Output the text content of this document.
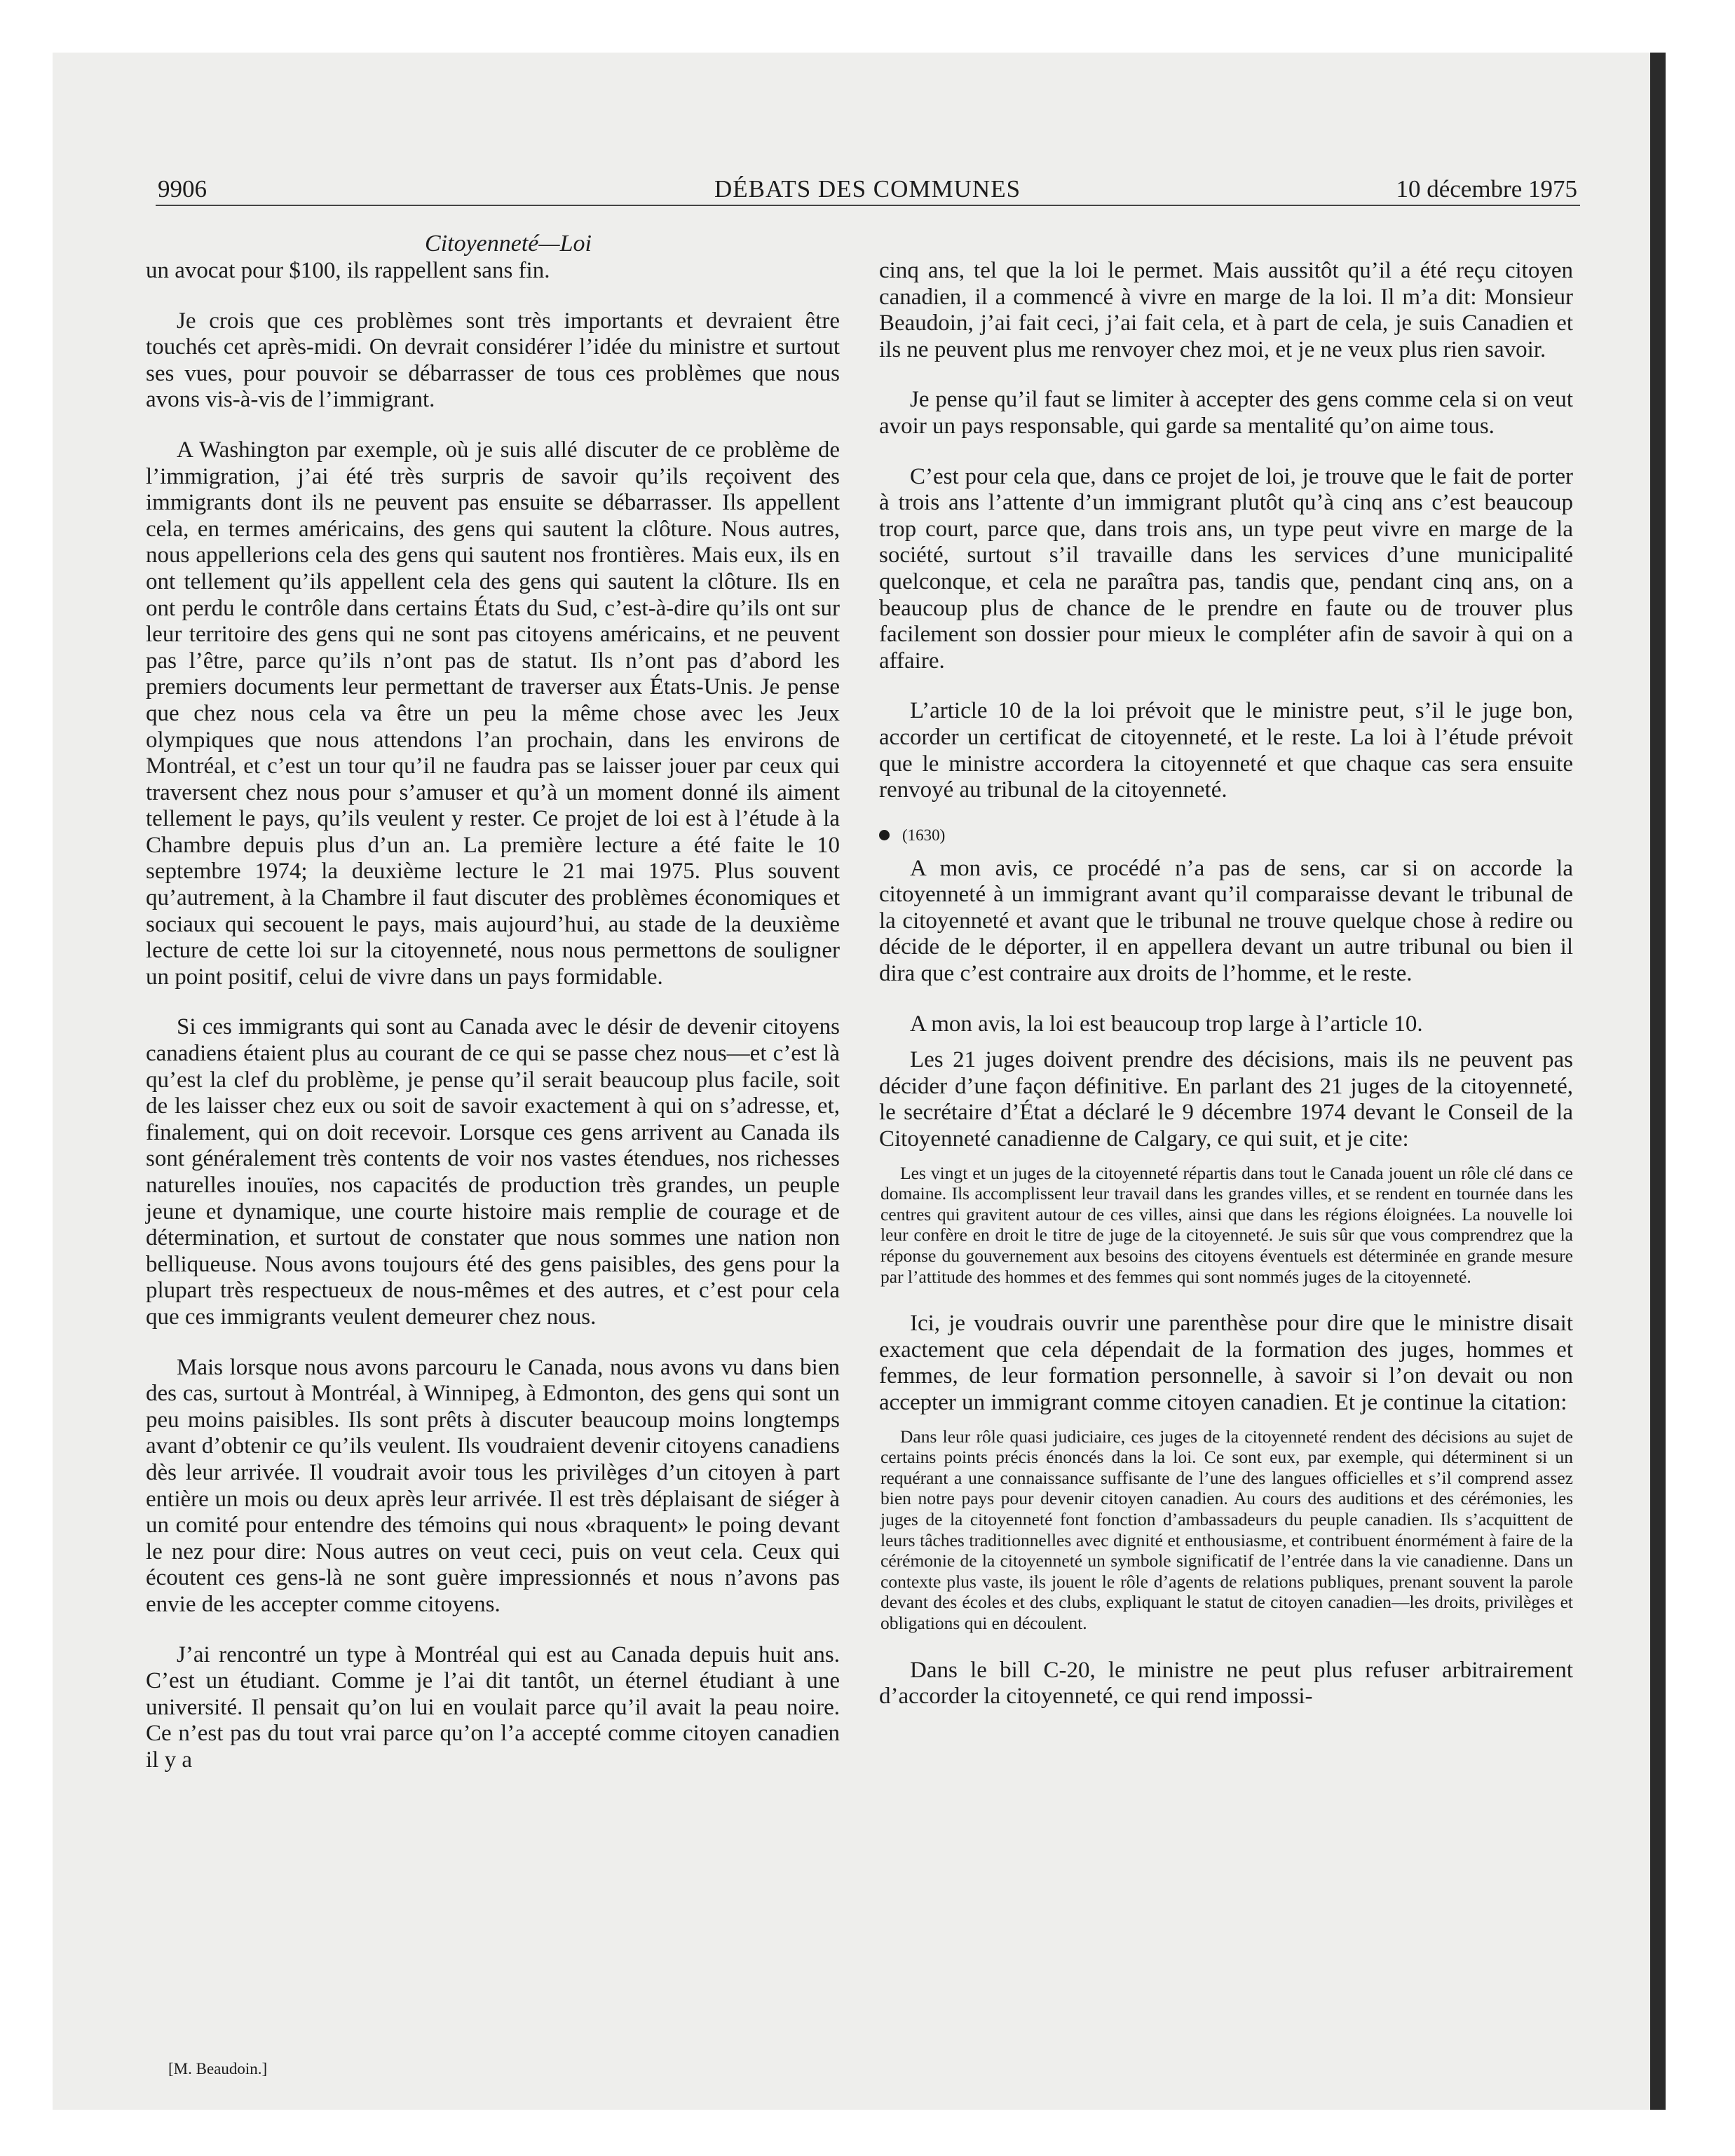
9906	DÉBATS DES COMMUNES	10 décembre 1975
Citoyenneté—Loi

un avocat pour $100, ils rappellent sans fin.

Je crois que ces problèmes sont très importants et devraient être touchés cet après-midi. On devrait considérer l’idée du ministre et surtout ses vues, pour pouvoir se débarrasser de tous ces problèmes que nous avons vis-à-vis de l’immigrant.

A Washington par exemple, où je suis allé discuter de ce problème de l’immigration, j’ai été très surpris de savoir qu’ils reçoivent des immigrants dont ils ne peuvent pas ensuite se débarrasser. Ils appellent cela, en termes américains, des gens qui sautent la clôture. Nous autres, nous appellerions cela des gens qui sautent nos frontières. Mais eux, ils en ont tellement qu’ils appellent cela des gens qui sautent la clôture. Ils en ont perdu le contrôle dans certains États du Sud, c’est-à-dire qu’ils ont sur leur territoire des gens qui ne sont pas citoyens américains, et ne peuvent pas l’être, parce qu’ils n’ont pas de statut. Ils n’ont pas d’abord les premiers documents leur permettant de traverser aux États-Unis. Je pense que chez nous cela va être un peu la même chose avec les Jeux olympiques que nous attendons l’an prochain, dans les environs de Montréal, et c’est un tour qu’il ne faudra pas se laisser jouer par ceux qui traversent chez nous pour s’amuser et qu’à un moment donné ils aiment tellement le pays, qu’ils veulent y rester. Ce projet de loi est à l’étude à la Chambre depuis plus d’un an. La première lecture a été faite le 10 septembre 1974; la deuxième lecture le 21 mai 1975. Plus souvent qu’autrement, à la Chambre il faut discuter des problèmes économiques et sociaux qui secouent le pays, mais aujourd’hui, au stade de la deuxième lecture de cette loi sur la citoyenneté, nous nous permettons de souligner un point positif, celui de vivre dans un pays formidable.

Si ces immigrants qui sont au Canada avec le désir de devenir citoyens canadiens étaient plus au courant de ce qui se passe chez nous—et c’est là qu’est la clef du problème, je pense qu’il serait beaucoup plus facile, soit de les laisser chez eux ou soit de savoir exactement à qui on s’adresse, et, finalement, qui on doit recevoir. Lorsque ces gens arrivent au Canada ils sont généralement très contents de voir nos vastes étendues, nos richesses naturelles inouïes, nos capacités de production très grandes, un peuple jeune et dynamique, une courte histoire mais remplie de courage et de détermination, et surtout de constater que nous sommes une nation non belliqueuse. Nous avons toujours été des gens paisibles, des gens pour la plupart très respectueux de nous-mêmes et des autres, et c’est pour cela que ces immigrants veulent demeurer chez nous.

Mais lorsque nous avons parcouru le Canada, nous avons vu dans bien des cas, surtout à Montréal, à Winnipeg, à Edmonton, des gens qui sont un peu moins paisibles. Ils sont prêts à discuter beaucoup moins longtemps avant d’obtenir ce qu’ils veulent. Ils voudraient devenir citoyens canadiens dès leur arrivée. Il voudrait avoir tous les privilèges d’un citoyen à part entière un mois ou deux après leur arrivée. Il est très déplaisant de siéger à un comité pour entendre des témoins qui nous «braquent» le poing devant le nez pour dire: Nous autres on veut ceci, puis on veut cela. Ceux qui écoutent ces gens-là ne sont guère impressionnés et nous n’avons pas envie de les accepter comme citoyens.

J’ai rencontré un type à Montréal qui est au Canada depuis huit ans. C’est un étudiant. Comme je l’ai dit tantôt, un éternel étudiant à une université. Il pensait qu’on lui en voulait parce qu’il avait la peau noire. Ce n’est pas du tout vrai parce qu’on l’a accepté comme citoyen canadien il y a

cinq ans, tel que la loi le permet. Mais aussitôt qu’il a été reçu citoyen canadien, il a commencé à vivre en marge de la loi. Il m’a dit: Monsieur Beaudoin, j’ai fait ceci, j’ai fait cela, et à part de cela, je suis Canadien et ils ne peuvent plus me renvoyer chez moi, et je ne veux plus rien savoir.

Je pense qu’il faut se limiter à accepter des gens comme cela si on veut avoir un pays responsable, qui garde sa mentalité qu’on aime tous.

C’est pour cela que, dans ce projet de loi, je trouve que le fait de porter à trois ans l’attente d’un immigrant plutôt qu’à cinq ans c’est beaucoup trop court, parce que, dans trois ans, un type peut vivre en marge de la société, surtout s’il travaille dans les services d’une municipalité quelconque, et cela ne paraîtra pas, tandis que, pendant cinq ans, on a beaucoup plus de chance de le prendre en faute ou de trouver plus facilement son dossier pour mieux le compléter afin de savoir à qui on a affaire.

L’article 10 de la loi prévoit que le ministre peut, s’il le juge bon, accorder un certificat de citoyenneté, et le reste. La loi à l’étude prévoit que le ministre accordera la citoyenneté et que chaque cas sera ensuite renvoyé au tribunal de la citoyenneté.

(1630)

A mon avis, ce procédé n’a pas de sens, car si on accorde la citoyenneté à un immigrant avant qu’il comparaisse devant le tribunal de la citoyenneté et avant que le tribunal ne trouve quelque chose à redire ou décide de le déporter, il en appellera devant un autre tribunal ou bien il dira que c’est contraire aux droits de l’homme, et le reste.

A mon avis, la loi est beaucoup trop large à l’article 10.

Les 21 juges doivent prendre des décisions, mais ils ne peuvent pas décider d’une façon définitive. En parlant des 21 juges de la citoyenneté, le secrétaire d’État a déclaré le 9 décembre 1974 devant le Conseil de la Citoyenneté canadienne de Calgary, ce qui suit, et je cite:

Les vingt et un juges de la citoyenneté répartis dans tout le Canada jouent un rôle clé dans ce domaine. Ils accomplissent leur travail dans les grandes villes, et se rendent en tournée dans les centres qui gravitent autour de ces villes, ainsi que dans les régions éloignées. La nouvelle loi leur confère en droit le titre de juge de la citoyenneté. Je suis sûr que vous comprendrez que la réponse du gouvernement aux besoins des citoyens éventuels est déterminée en grande mesure par l’attitude des hommes et des femmes qui sont nommés juges de la citoyenneté.

Ici, je voudrais ouvrir une parenthèse pour dire que le ministre disait exactement que cela dépendait de la formation des juges, hommes et femmes, de leur formation personnelle, à savoir si l’on devait ou non accepter un immigrant comme citoyen canadien. Et je continue la citation:

Dans leur rôle quasi judiciaire, ces juges de la citoyenneté rendent des décisions au sujet de certains points précis énoncés dans la loi. Ce sont eux, par exemple, qui déterminent si un requérant a une connaissance suffisante de l’une des langues officielles et s’il comprend assez bien notre pays pour devenir citoyen canadien. Au cours des auditions et des cérémonies, les juges de la citoyenneté font fonction d’ambassadeurs du peuple canadien. Ils s’acquittent de leurs tâches traditionnelles avec dignité et enthousiasme, et contribuent énormément à faire de la cérémonie de la citoyenneté un symbole significatif de l’entrée dans la vie canadienne. Dans un contexte plus vaste, ils jouent le rôle d’agents de relations publiques, prenant souvent la parole devant des écoles et des clubs, expliquant le statut de citoyen canadien—les droits, privilèges et obligations qui en découlent.

Dans le bill C-20, le ministre ne peut plus refuser arbitrairement d’accorder la citoyenneté, ce qui rend impossi-

[M. Beaudoin.]
